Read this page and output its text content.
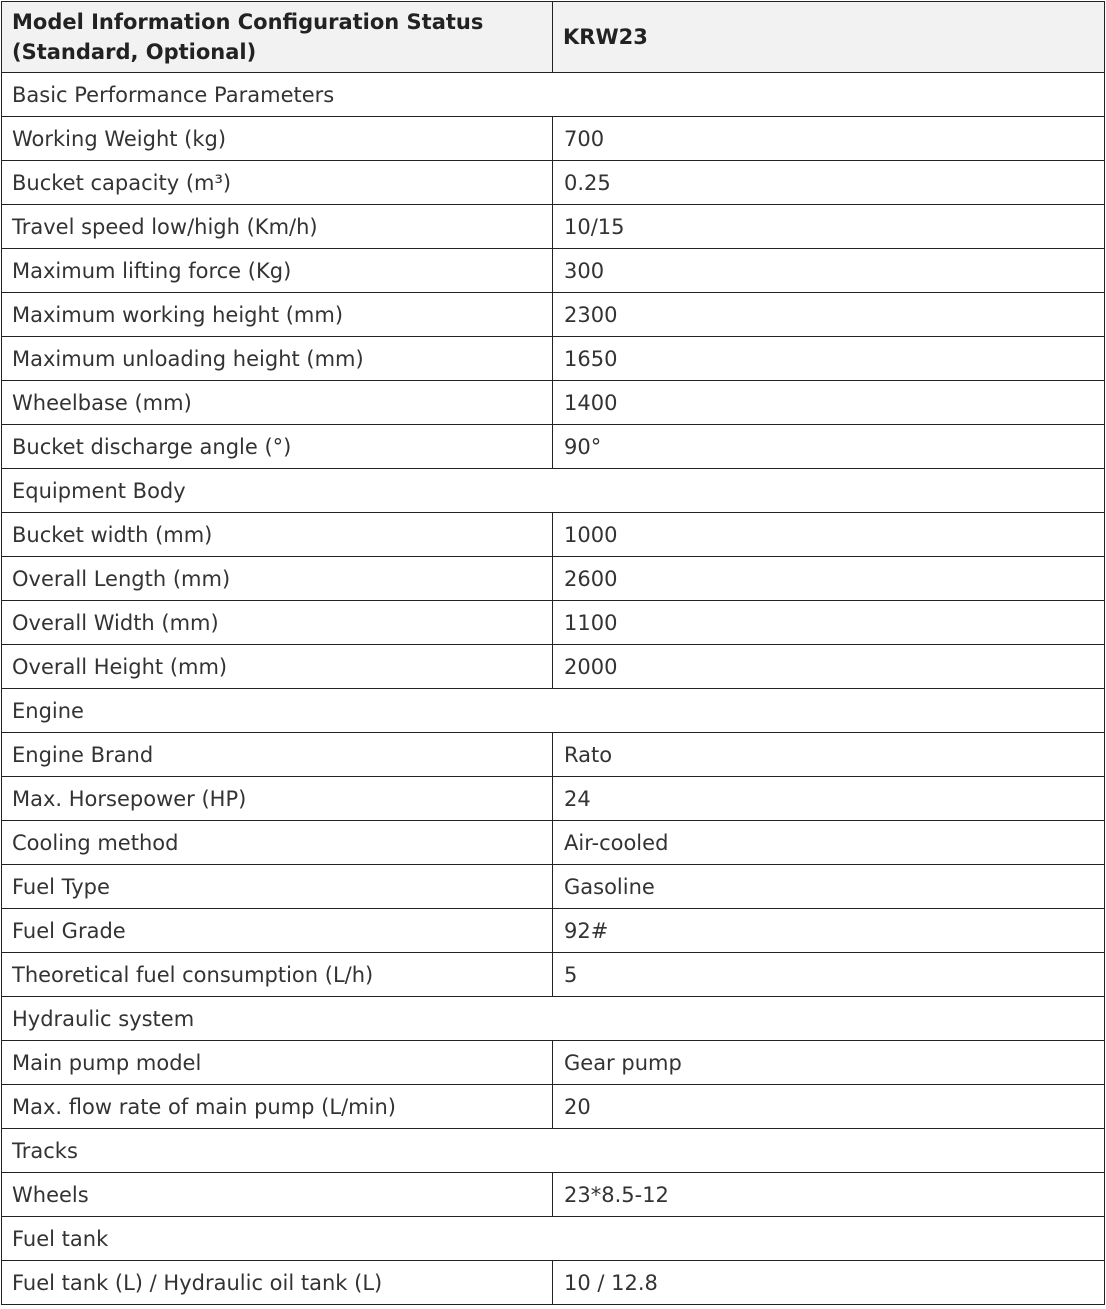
Model Information Configuration Status (Standard, Optional)	KRW23
Basic Performance Parameters	
Working Weight (kg)	700
Bucket capacity (m³)	0.25
Travel speed low/high (Km/h)	10/15
Maximum lifting force (Kg)	300
Maximum working height (mm)	2300
Maximum unloading height (mm)	1650
Wheelbase (mm)	1400
Bucket discharge angle (°)	90°
Equipment Body	
Bucket width (mm)	1000
Overall Length (mm)	2600
Overall Width (mm)	1100
Overall Height (mm)	2000
Engine	
Engine Brand	Rato
Max. Horsepower (HP)	24
Cooling method	Air-cooled
Fuel Type	Gasoline
Fuel Grade	92#
Theoretical fuel consumption (L/h)	5
Hydraulic system	
Main pump model	Gear pump
Max. flow rate of main pump (L/min)	20
Tracks	
Wheels	23*8.5-12
Fuel tank	
Fuel tank (L) / Hydraulic oil tank (L)	10 / 12.8
